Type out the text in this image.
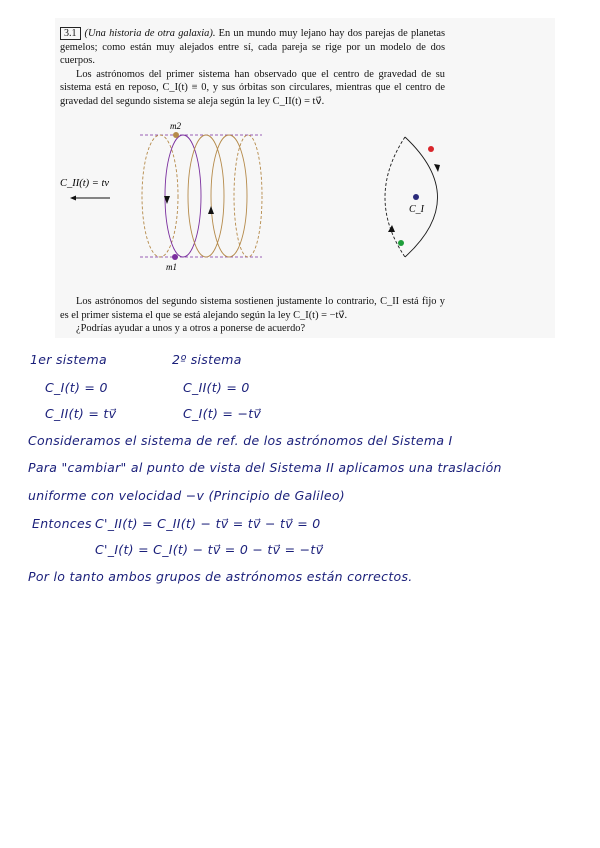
3.1 (Una historia de otra galaxia). En un mundo muy lejano hay dos parejas de planetas gemelos; como están muy alejados entre sí, cada pareja se rige por un modelo de dos cuerpos.

Los astrónomos del primer sistema han observado que el centro de gravedad de su sistema está en reposo, C_I(t) ≡ 0, y sus órbitas son circulares, mientras que el centro de gravedad del segundo sistema se aleja según la ley C_II(t) = tv⃗.

C_II(t) = tv⃗
m2
m1
C_I

Los astrónomos del segundo sistema sostienen justamente lo contrario, C_II está fijo y es el primer sistema el que se está alejando según la ley C_I(t) = −tv⃗.

¿Podrías ayudar a unos y a otros a ponerse de acuerdo?

1er sistema	2º sistema
C_I(t) = 0	C_II(t) = 0
C_II(t) = tv⃗	C_I(t) = −tv⃗
Consideramos el sistema de ref. de los astrónomos del Sistema I
Para "cambiar" al punto de vista del Sistema II aplicamos una traslación
uniforme con velocidad −v (Principio de Galileo)
Entonces C'_II(t) = C_II(t) − tv⃗ = tv⃗ − tv⃗ = 0
C'_I(t) = C_I(t) − tv⃗ = 0 − tv⃗ = −tv⃗
Por lo tanto ambos grupos de astrónomos están correctos.
